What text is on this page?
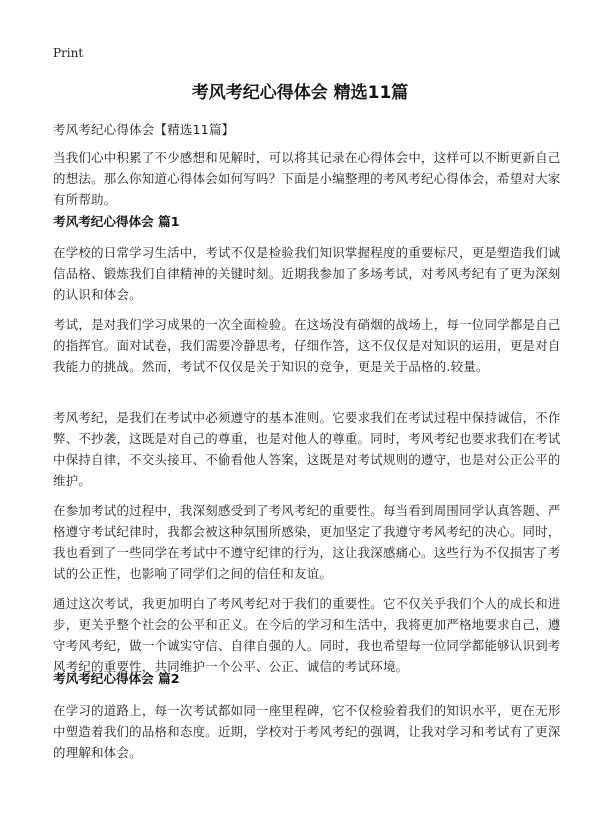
Print
考风考纪心得体会 精选11篇

考风考纪心得体会【精选11篇】

当我们心中积累了不少感想和见解时，可以将其记录在心得体会中，这样可以不断更新自己的想法。那么你知道心得体会如何写吗？下面是小编整理的考风考纪心得体会，希望对大家有所帮助。

考风考纪心得体会 篇1

在学校的日常学习生活中，考试不仅是检验我们知识掌握程度的重要标尺，更是塑造我们诚信品格、锻炼我们自律精神的关键时刻。近期我参加了多场考试，对考风考纪有了更为深刻的认识和体会。

考试，是对我们学习成果的一次全面检验。在这场没有硝烟的战场上，每一位同学都是自己的指挥官。面对试卷，我们需要冷静思考，仔细作答，这不仅仅是对知识的运用，更是对自我能力的挑战。然而，考试不仅仅是关于知识的竞争，更是关于品格的.较量。

考风考纪，是我们在考试中必须遵守的基本准则。它要求我们在考试过程中保持诚信，不作弊、不抄袭，这既是对自己的尊重，也是对他人的尊重。同时，考风考纪也要求我们在考试中保持自律，不交头接耳、不偷看他人答案，这既是对考试规则的遵守，也是对公正公平的维护。

在参加考试的过程中，我深刻感受到了考风考纪的重要性。每当看到周围同学认真答题、严格遵守考试纪律时，我都会被这种氛围所感染，更加坚定了我遵守考风考纪的决心。同时，我也看到了一些同学在考试中不遵守纪律的行为，这让我深感痛心。这些行为不仅损害了考试的公正性，也影响了同学们之间的信任和友谊。

通过这次考试，我更加明白了考风考纪对于我们的重要性。它不仅关乎我们个人的成长和进步，更关乎整个社会的公平和正义。在今后的学习和生活中，我将更加严格地要求自己，遵守考风考纪，做一个诚实守信、自律自强的人。同时，我也希望每一位同学都能够认识到考风考纪的重要性，共同维护一个公平、公正、诚信的考试环境。

考风考纪心得体会 篇2

在学习的道路上，每一次考试都如同一座里程碑，它不仅检验着我们的知识水平，更在无形中塑造着我们的品格和态度。近期，学校对于考风考纪的强调，让我对学习和考试有了更深的理解和体会。
